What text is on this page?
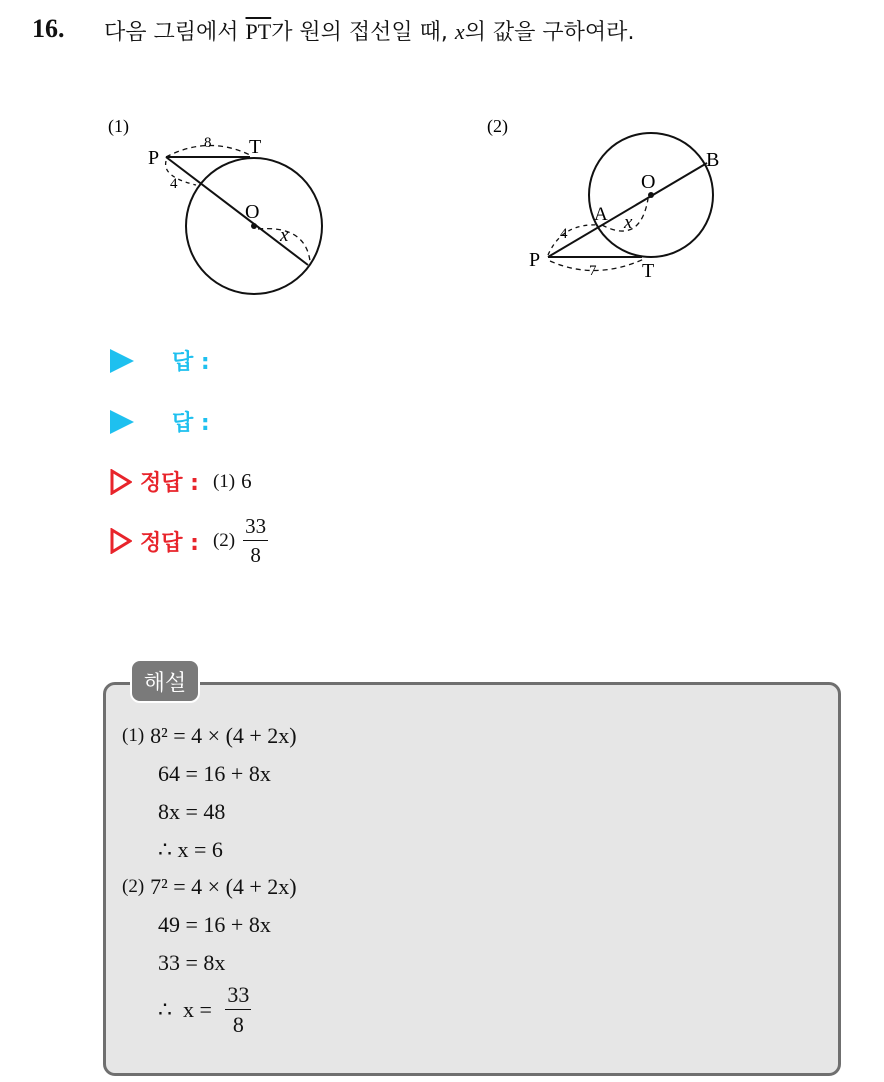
16. 다음 그림에서 $\overline{PT}$가 원의 접선일 때, x의 값을 구하여라.
(1)
P	T
O
8
4
x
(2)
P	T
O
A
B
4
7
x
답 :
답 :
정답 : (1) 6
정답 : $(2) \frac{33}{8}$
해설
(1) 8² = 4 × (4 + 2x)
64 = 16 + 8x
8x = 48
∴ x = 6
(2) 7² = 4 × (4 + 2x)
49 = 16 + 8x
33 = 8x
∴  $x = \frac{33}{8}$
